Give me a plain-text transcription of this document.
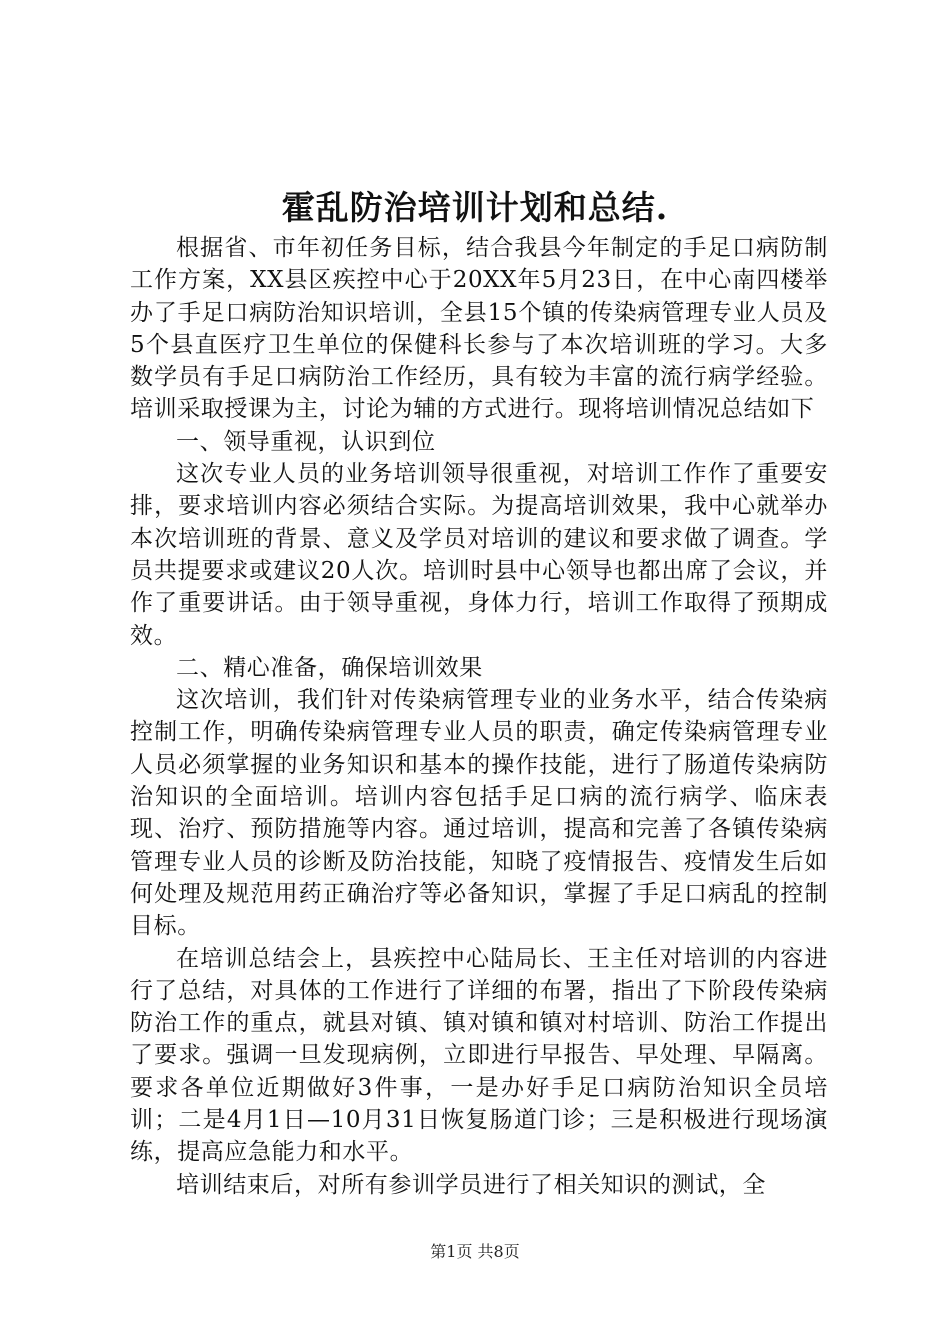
霍乱防治培训计划和总结.

根据省、市年初任务目标，结合我县今年制定的手足口病防制工作方案，XX县区疾控中心于20XX年5月23日，在中心南四楼举办了手足口病防治知识培训，全县15个镇的传染病管理专业人员及5个县直医疗卫生单位的保健科长参与了本次培训班的学习。大多数学员有手足口病防治工作经历，具有较为丰富的流行病学经验。培训采取授课为主，讨论为辅的方式进行。现将培训情况总结如下

一、领导重视，认识到位

这次专业人员的业务培训领导很重视，对培训工作作了重要安排，要求培训内容必须结合实际。为提高培训效果，我中心就举办本次培训班的背景、意义及学员对培训的建议和要求做了调查。学员共提要求或建议20人次。培训时县中心领导也都出席了会议，并作了重要讲话。由于领导重视，身体力行，培训工作取得了预期成效。

二、精心准备，确保培训效果

这次培训，我们针对传染病管理专业的业务水平，结合传染病控制工作，明确传染病管理专业人员的职责，确定传染病管理专业人员必须掌握的业务知识和基本的操作技能，进行了肠道传染病防治知识的全面培训。培训内容包括手足口病的流行病学、临床表现、治疗、预防措施等内容。通过培训，提高和完善了各镇传染病管理专业人员的诊断及防治技能，知晓了疫情报告、疫情发生后如何处理及规范用药正确治疗等必备知识，掌握了手足口病乱的控制目标。

在培训总结会上，县疾控中心陆局长、王主任对培训的内容进行了总结，对具体的工作进行了详细的布署，指出了下阶段传染病防治工作的重点，就县对镇、镇对镇和镇对村培训、防治工作提出了要求。强调一旦发现病例，立即进行早报告、早处理、早隔离。要求各单位近期做好3件事，一是办好手足口病防治知识全员培训；二是4月1日—10月31日恢复肠道门诊；三是积极进行现场演练，提高应急能力和水平。

培训结束后，对所有参训学员进行了相关知识的测试，全

第1页 共8页
